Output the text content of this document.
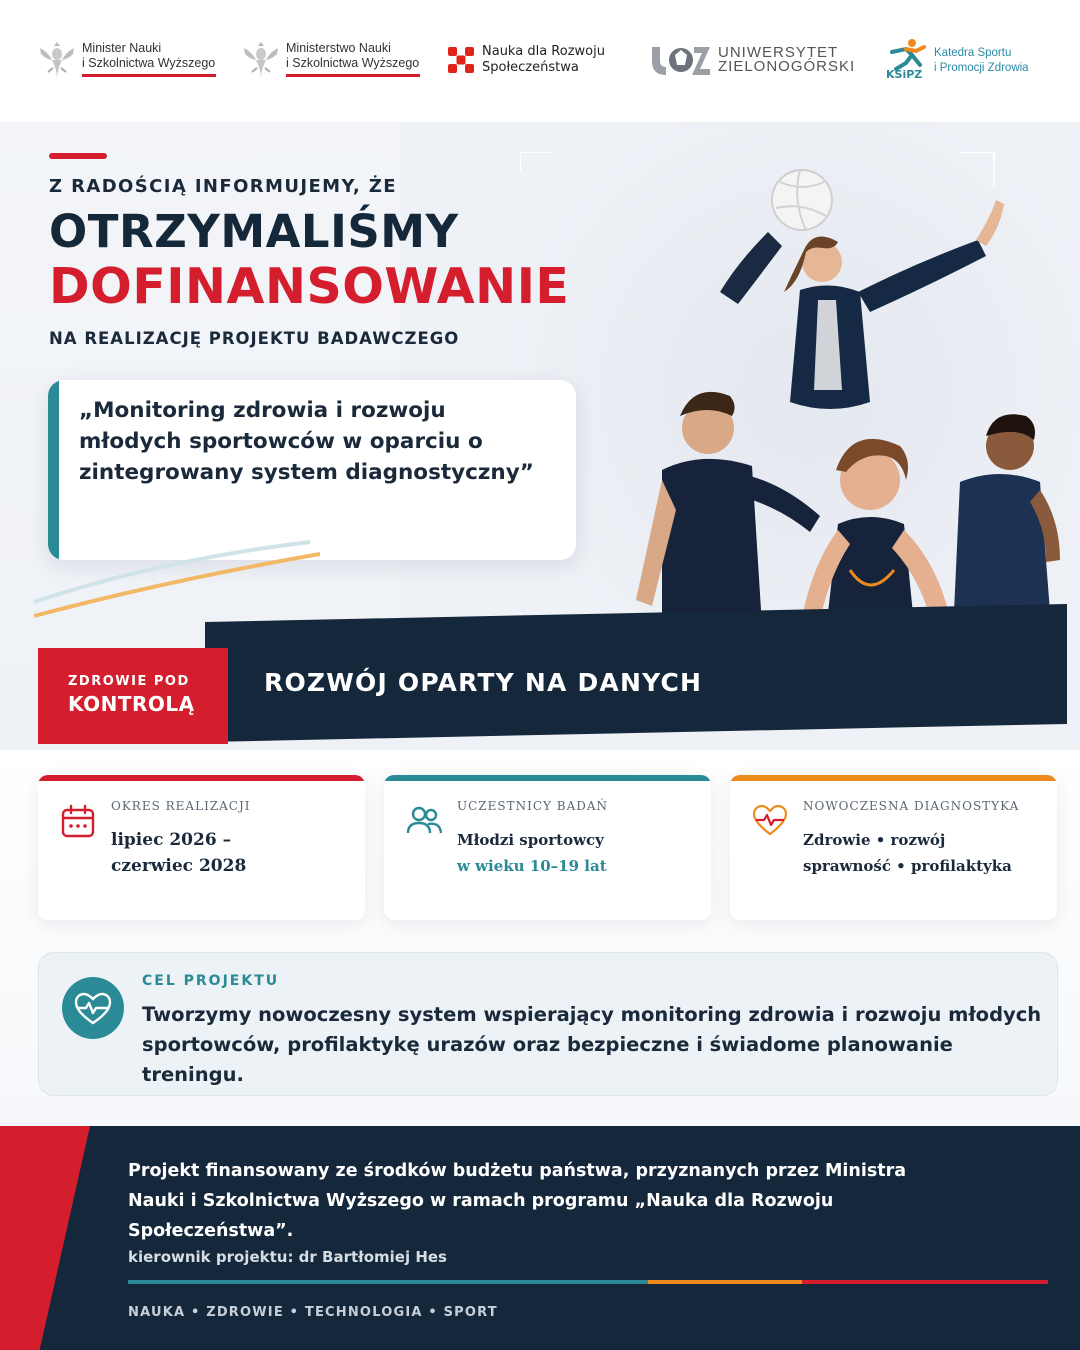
Minister Nauki
i Szkolnictwa Wyższego
Ministerstwo Nauki
i Szkolnictwa Wyższego
Nauka dla Rozwoju
Społeczeństwa
UNIWERSYTET
ZIELONOGÓRSKI	KSiPZ
Katedra Sportu
i Promocji Zdrowia
Z RADOŚCIĄ INFORMUJEMY, ŻE
OTRZYMALIŚMY
DOFINANSOWANIE
NA REALIZACJĘ PROJEKTU BADAWCZEGO

„Monitoring zdrowia i rozwoju młodych sportowców w oparciu o zintegrowany system diagnostyczny”

ZDROWIE POD
KONTROLĄ
ROZWÓJ OPARTY NA DANYCH
OKRES REALIZACJI
lipiec 2026 –
czerwiec 2028
UCZESTNICY BADAŃ
Młodzi sportowcy
w wieku 10–19 lat
NOWOCZESNA DIAGNOSTYKA
Zdrowie • rozwój
sprawność • profilaktyka
CEL PROJEKTU
Tworzymy nowoczesny system wspierający monitoring zdrowia i rozwoju młodych sportowców, profilaktykę urazów oraz bezpieczne i świadome planowanie treningu.
Projekt finansowany ze środków budżetu państwa, przyznanych przez Ministra Nauki i Szkolnictwa Wyższego w ramach programu „Nauka dla Rozwoju Społeczeństwa”.
kierownik projektu: dr Bartłomiej Hes
NAUKA • ZDROWIE • TECHNOLOGIA • SPORT
